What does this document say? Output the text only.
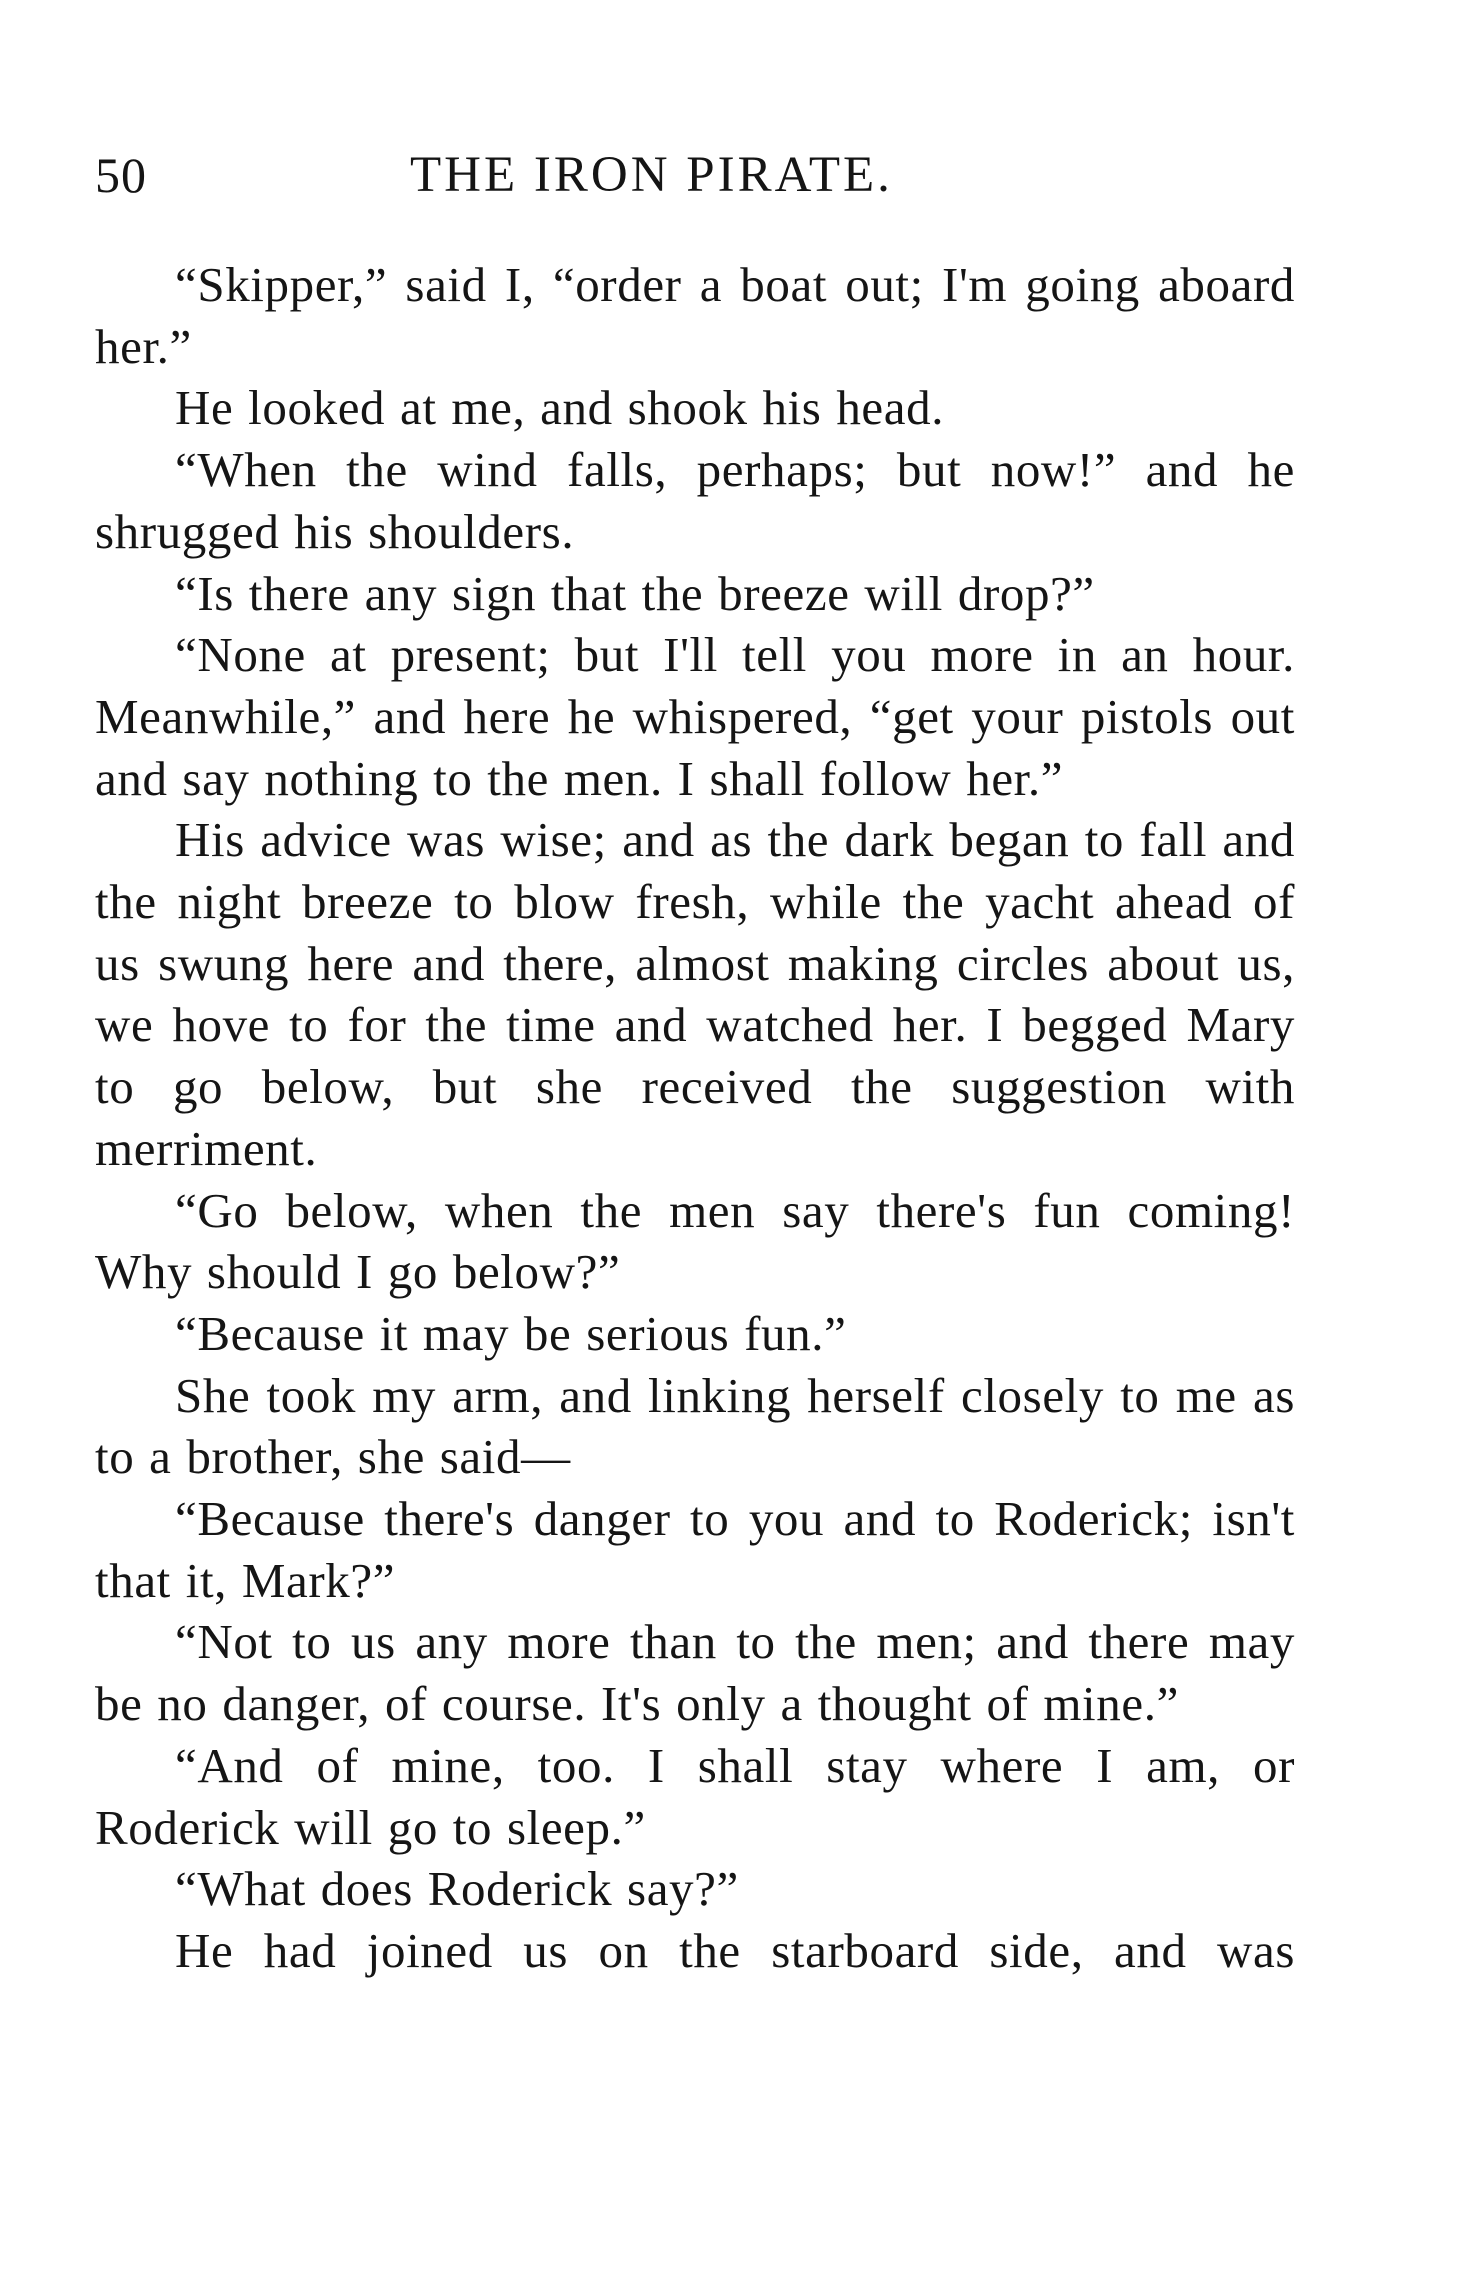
50	THE IRON PIRATE.

“Skipper,” said I, “order a boat out; I'm going aboard her.”

He looked at me, and shook his head.

“When the wind falls, perhaps; but now!” and he shrugged his shoulders.

“Is there any sign that the breeze will drop?”

“None at present; but I'll tell you more in an hour. Meanwhile,” and here he whispered, “get your pistols out and say nothing to the men. I shall follow her.”

His advice was wise; and as the dark began to fall and the night breeze to blow fresh, while the yacht ahead of us swung here and there, almost making circles about us, we hove to for the time and watched her. I begged Mary to go below, but she received the suggestion with merriment.

“Go below, when the men say there's fun coming! Why should I go below?”

“Because it may be serious fun.”

She took my arm, and linking herself closely to me as to a brother, she said—

“Because there's danger to you and to Roderick; isn't that it, Mark?”

“Not to us any more than to the men; and there may be no danger, of course. It's only a thought of mine.”

“And of mine, too. I shall stay where I am, or Roderick will go to sleep.”

“What does Roderick say?”

He had joined us on the starboard side, and was
